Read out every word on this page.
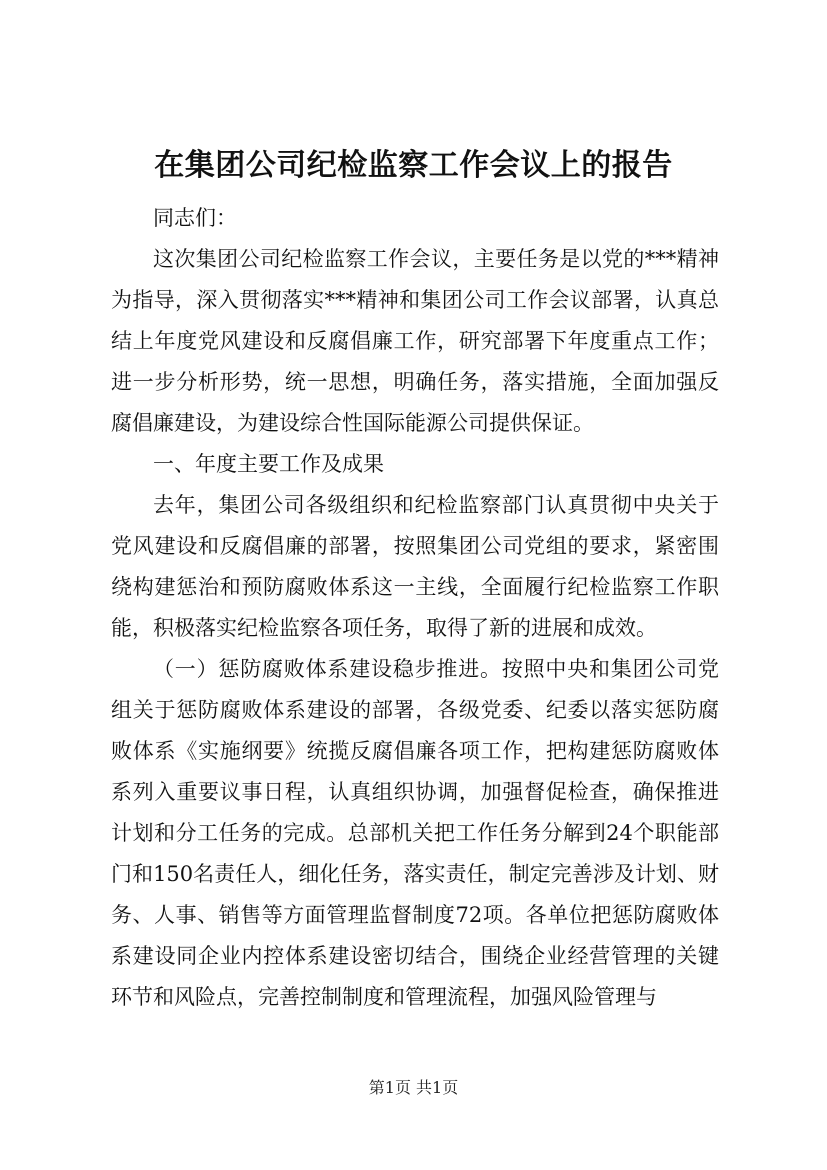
在集团公司纪检监察工作会议上的报告

同志们：

这次集团公司纪检监察工作会议，主要任务是以党的***精神为指导，深入贯彻落实***精神和集团公司工作会议部署，认真总结上年度党风建设和反腐倡廉工作，研究部署下年度重点工作；进一步分析形势，统一思想，明确任务，落实措施，全面加强反腐倡廉建设，为建设综合性国际能源公司提供保证。

一、年度主要工作及成果

去年，集团公司各级组织和纪检监察部门认真贯彻中央关于党风建设和反腐倡廉的部署，按照集团公司党组的要求，紧密围绕构建惩治和预防腐败体系这一主线，全面履行纪检监察工作职能，积极落实纪检监察各项任务，取得了新的进展和成效。

（一）惩防腐败体系建设稳步推进。按照中央和集团公司党组关于惩防腐败体系建设的部署，各级党委、纪委以落实惩防腐败体系《实施纲要》统揽反腐倡廉各项工作，把构建惩防腐败体系列入重要议事日程，认真组织协调，加强督促检查，确保推进计划和分工任务的完成。总部机关把工作任务分解到24个职能部门和150名责任人，细化任务，落实责任，制定完善涉及计划、财务、人事、销售等方面管理监督制度72项。各单位把惩防腐败体系建设同企业内控体系建设密切结合，围绕企业经营管理的关键环节和风险点，完善控制制度和管理流程，加强风险管理与

第1页 共1页
